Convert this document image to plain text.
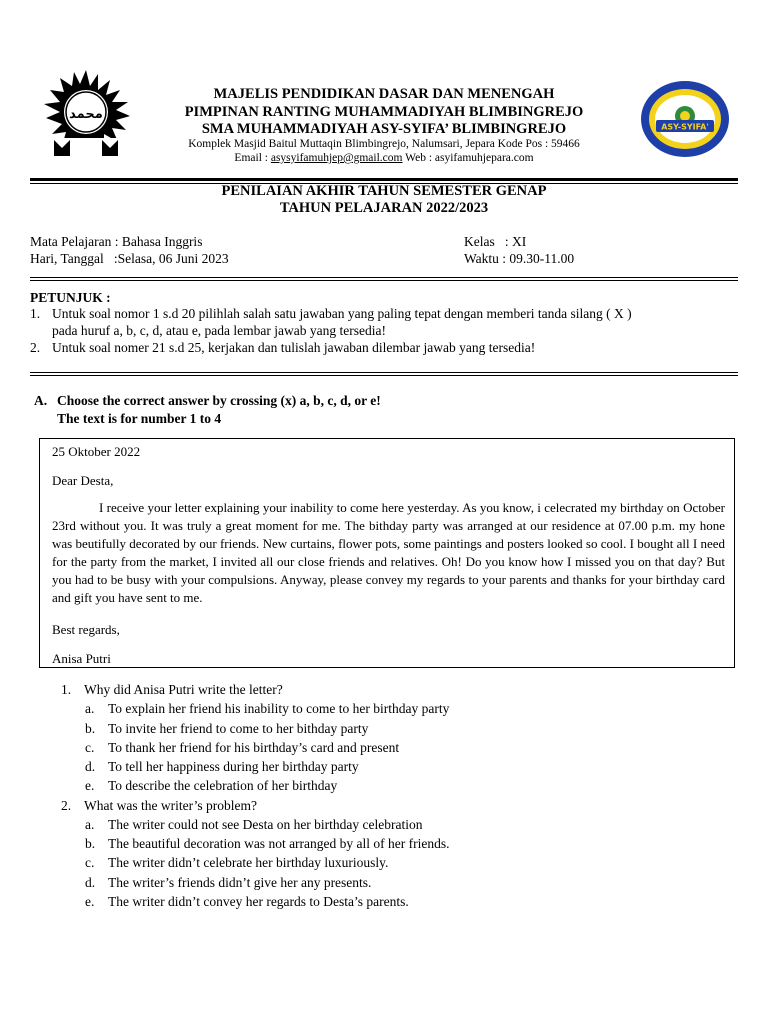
محمد
ASY-SYIFA'
MAJELIS PENDIDIKAN DASAR DAN MENENGAH
PIMPINAN RANTING MUHAMMADIYAH BLIMBINGREJO
SMA MUHAMMADIYAH ASY-SYIFA’ BLIMBINGREJO
Komplek Masjid Baitul Muttaqin Blimbingrejo, Nalumsari, Jepara Kode Pos : 59466
Email : asysyifamuhjep@gmail.com Web : asyifamuhjepara.com
PENILAIAN AKHIR TAHUN SEMESTER GENAP
TAHUN PELAJARAN 2022/2023
Mata Pelajaran : Bahasa Inggris
Hari, Tanggal   :Selasa, 06 Juni 2023
Kelas   : XI
Waktu : 09.30-11.00
PETUNJUK :
1. Untuk soal nomor 1 s.d 20 pilihlah salah satu jawaban yang paling tepat dengan memberi tanda silang ( X )
pada huruf a, b, c, d, atau e, pada lembar jawab yang tersedia!
2. Untuk soal nomer 21 s.d 25, kerjakan dan tulislah jawaban dilembar jawab yang tersedia!
A. Choose the correct answer by crossing (x) a, b, c, d, or e!
The text is for number 1 to 4
25 Oktober 2022
Dear Desta,
I receive your letter explaining your inability to come here yesterday. As you know, i celecrated my birthday on October 23rd without you. It was truly a great moment for me. The bithday party was arranged at our residence at 07.00 p.m. my hone was beutifully decorated by our friends. New curtains, flower pots, some paintings and posters looked so cool. I bought all I need for the party from the market, I invited all our close friends and relatives. Oh! Do you know how I missed you on that day? But you had to be busy with your compulsions. Anyway, please convey my regards to your parents and thanks for your birthday card and gift you have sent to me.
Best regards,
Anisa Putri
1. Why did Anisa Putri write the letter?
a. To explain her friend his inability to come to her birthday party
b. To invite her friend to come to her bithday party
c. To thank her friend for his birthday’s card and present
d. To tell her happiness during her birthday party
e. To describe the celebration of her birthday
2. What was the writer’s problem?
a. The writer could not see Desta on her birthday celebration
b. The beautiful decoration was not arranged by all of her friends.
c. The writer didn’t celebrate her birthday luxuriously.
d. The writer’s friends didn’t give her any presents.
e. The writer didn’t convey her regards to Desta’s parents.
